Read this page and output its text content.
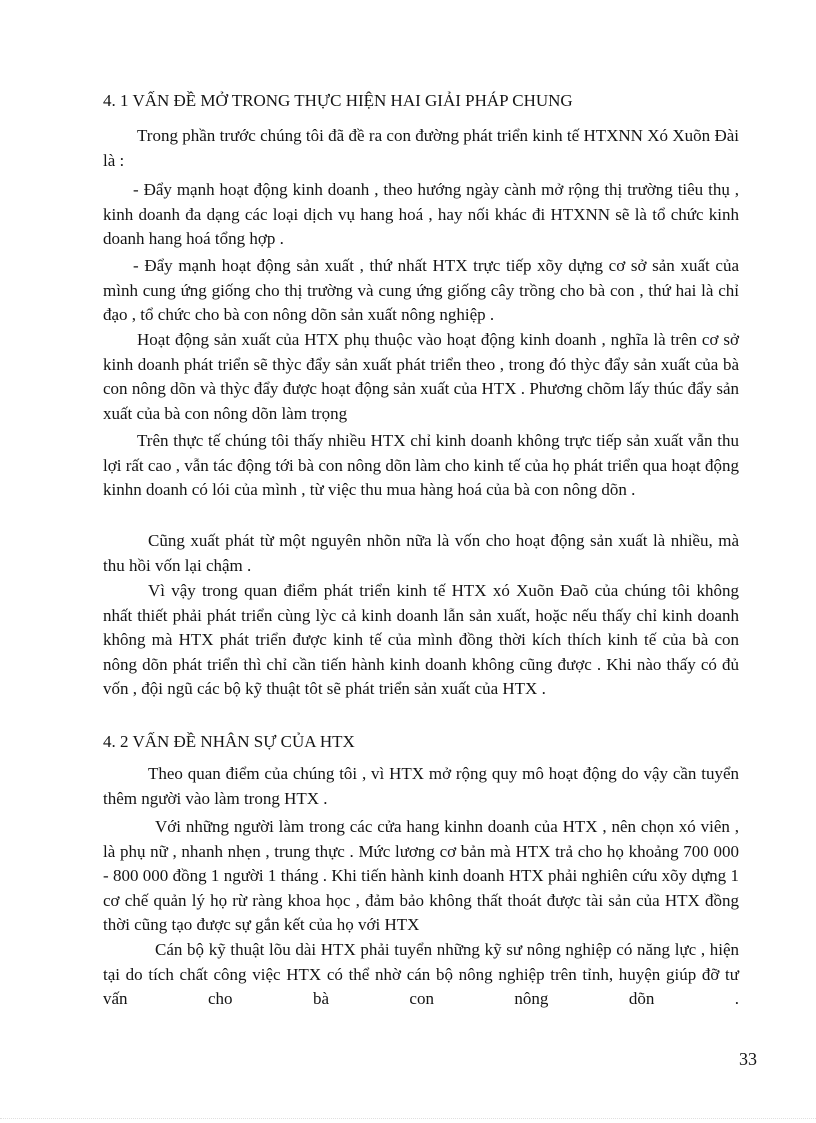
4. 1 VẤN ĐỀ MỞ TRONG THỰC HIỆN HAI GIẢI PHÁP CHUNG
Trong phần trước chúng tôi đã đề ra con đường phát triển kinh tế HTXNN Xó Xuõn Đài là :
- Đẩy mạnh hoạt động kinh doanh , theo hướng ngày cành mở rộng thị trường tiêu thụ , kinh doanh đa dạng các loại dịch vụ hang hoá , hay nối khác đi HTXNN sẽ là tổ chức kinh doanh hang hoá tổng hợp .
- Đẩy mạnh hoạt động sản xuất , thứ nhất HTX trực tiếp xõy dựng cơ sở sản xuất của mình cung ứng giống cho thị trường và cung ứng giống cây trồng cho bà con , thứ hai là chỉ đạo , tổ chức cho bà con nông dõn sản xuất nông nghiệp .
Hoạt động sản xuất của HTX phụ thuộc vào hoạt động kinh doanh , nghĩa là trên cơ sở kinh doanh phát triển sẽ thỳc đẩy sản xuất phát triển theo , trong đó thỳc đẩy sản xuất của bà con nông dõn và thỳc đẩy được hoạt động sản xuất của HTX . Phương chõm lấy thúc đẩy sản xuất của bà con nông dõn làm trọng
Trên thực tế chúng tôi thấy nhiều HTX chỉ kinh doanh không trực tiếp sản xuất vẫn thu lợi rất cao , vẫn tác động tới bà con nông dõn làm cho kinh tế của họ phát triển qua hoạt động kinhn doanh có lói của mình , từ việc thu mua hàng hoá của bà con nông dõn .
Cũng xuất phát từ một nguyên nhõn nữa là vốn cho hoạt động sản xuất là nhiều, mà thu hồi vốn lại chậm .
Vì vậy trong quan điểm phát triển kinh tế HTX xó Xuõn Đaõ của chúng tôi không nhất thiết phải phát triển cùng lỳc cả kinh doanh lẫn sản xuất, hoặc nếu thấy chỉ kinh doanh không mà HTX phát triển được kinh tế của mình đồng thời kích thích kinh tế của bà con nông dõn phát triển thì chỉ cần tiến hành kinh doanh không cũng được . Khi nào thấy có đủ vốn , đội ngũ các bộ kỹ thuật tôt sẽ phát triển sản xuất của HTX .
4. 2 VẤN ĐỀ NHÂN SỰ CỦA HTX
Theo quan điểm của chúng tôi , vì HTX mở rộng quy mô hoạt động do vậy cần tuyển thêm người vào làm trong HTX .
Với những người làm trong các cửa hang kinhn doanh của HTX , nên chọn xó viên , là phụ nữ , nhanh nhẹn , trung thực . Mức lương cơ bản mà HTX trả cho họ khoảng 700 000 - 800 000 đồng 1 người 1 tháng . Khi tiến hành kinh doanh HTX phải nghiên cứu xõy dựng 1 cơ chế quản lý họ rừ ràng khoa học , đảm bảo không thất thoát được tài sản của HTX đồng thời cũng tạo được sự gắn kết của họ với HTX
Cán bộ kỹ thuật lõu dài HTX phải tuyển những kỹ sư nông nghiệp có năng lực , hiện tại do tích chất công việc HTX có thể nhờ cán bộ nông nghiệp trên tỉnh, huyện giúp đỡ tư vấn cho bà con nông dõn .
33
